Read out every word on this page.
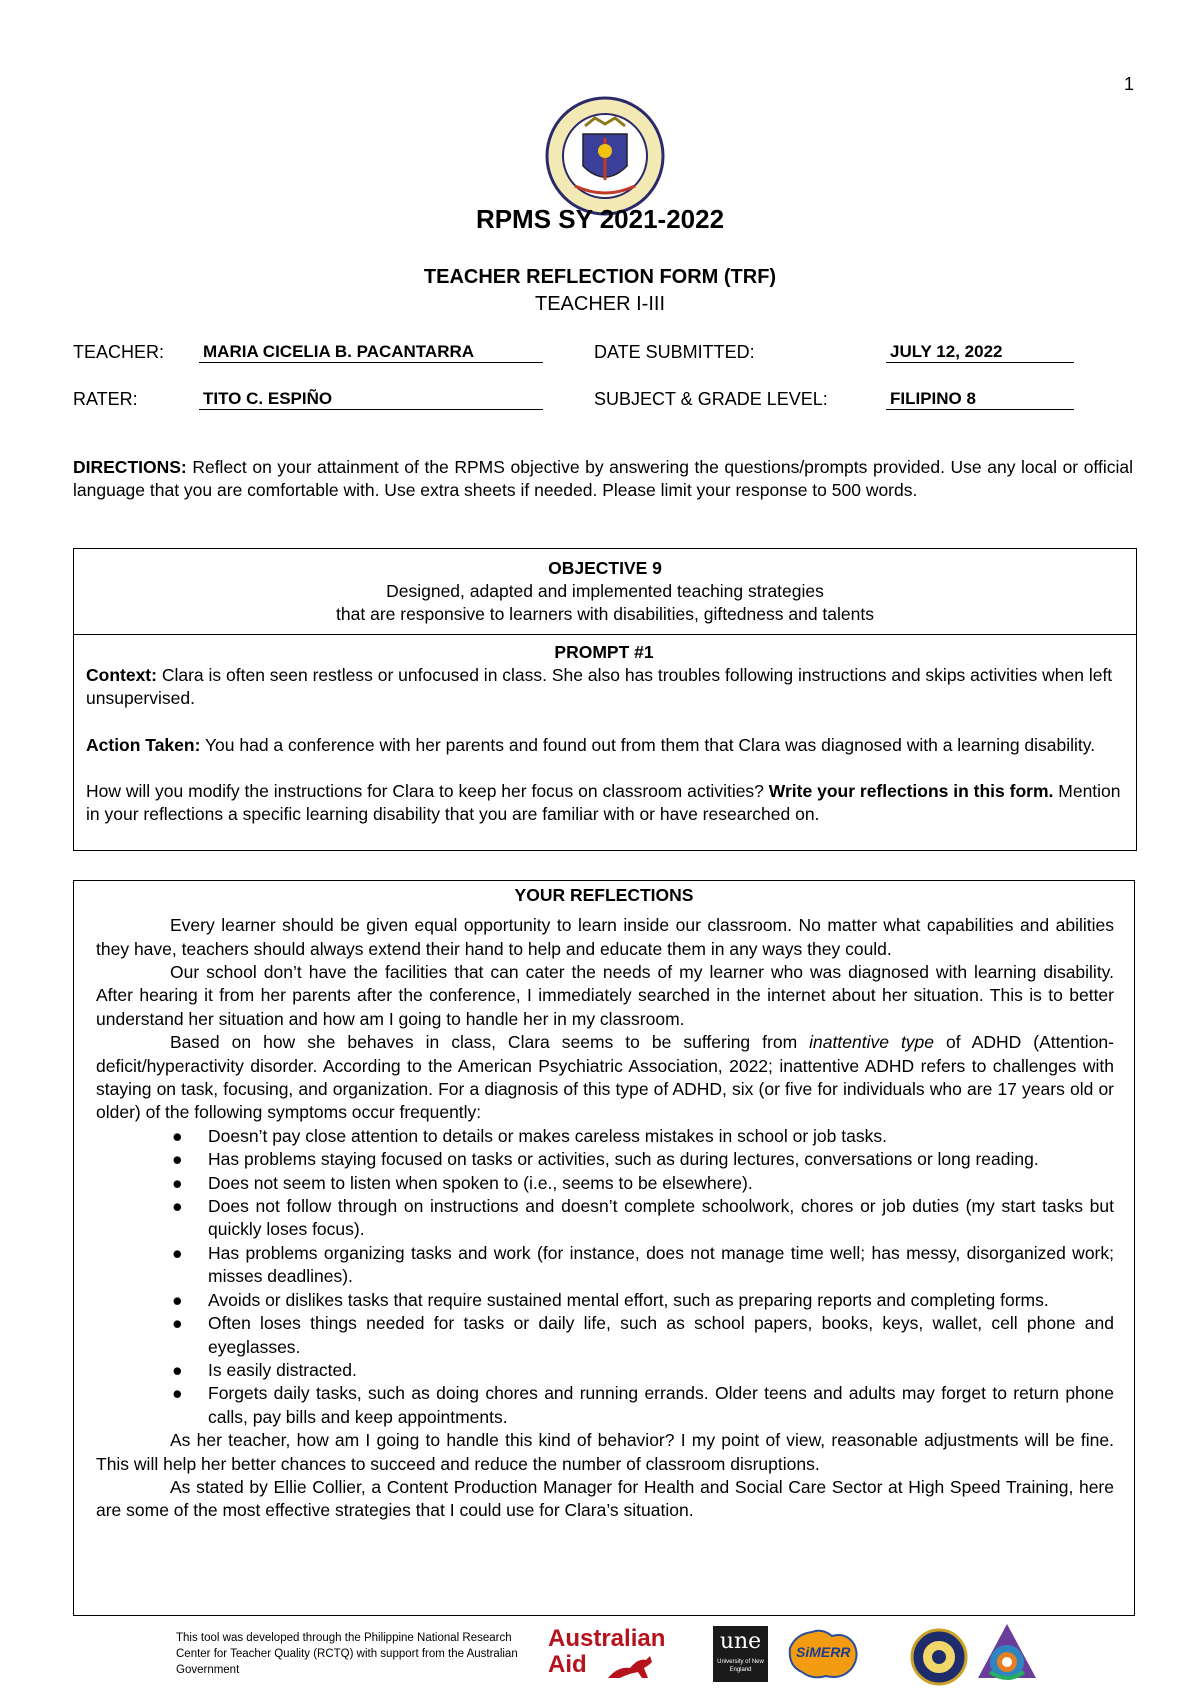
1
RPMS SY 2021-2022
TEACHER REFLECTION FORM (TRF)
TEACHER I-III
TEACHER: MARIA CICELIA B. PACANTARRA	DATE SUBMITTED:	JULY 12, 2022
RATER:	TITO C. ESPIÑO	SUBJECT & GRADE LEVEL:	FILIPINO 8
DIRECTIONS: Reflect on your attainment of the RPMS objective by answering the questions/prompts provided. Use any local or official language that you are comfortable with. Use extra sheets if needed. Please limit your response to 500 words.
OBJECTIVE 9
Designed, adapted and implemented teaching strategies
that are responsive to learners with disabilities, giftedness and talents
PROMPT #1
Context: Clara is often seen restless or unfocused in class. She also has troubles following instructions and skips activities when left unsupervised.
Action Taken: You had a conference with her parents and found out from them that Clara was diagnosed with a learning disability.
How will you modify the instructions for Clara to keep her focus on classroom activities? Write your reflections in this form. Mention in your reflections a specific learning disability that you are familiar with or have researched on.
YOUR REFLECTIONS

Every learner should be given equal opportunity to learn inside our classroom. No matter what capabilities and abilities they have, teachers should always extend their hand to help and educate them in any ways they could.

Our school don’t have the facilities that can cater the needs of my learner who was diagnosed with learning disability. After hearing it from her parents after the conference, I immediately searched in the internet about her situation. This is to better understand her situation and how am I going to handle her in my classroom.

Based on how she behaves in class, Clara seems to be suffering from inattentive type of ADHD (Attention-deficit/hyperactivity disorder. According to the American Psychiatric Association, 2022; inattentive ADHD refers to challenges with staying on task, focusing, and organization. For a diagnosis of this type of ADHD, six (or five for individuals who are 17 years old or older) of the following symptoms occur frequently:

● Doesn’t pay close attention to details or makes careless mistakes in school or job tasks.
● Has problems staying focused on tasks or activities, such as during lectures, conversations or long reading.
● Does not seem to listen when spoken to (i.e., seems to be elsewhere).
● Does not follow through on instructions and doesn’t complete schoolwork, chores or job duties (my start tasks but quickly loses focus).
● Has problems organizing tasks and work (for instance, does not manage time well; has messy, disorganized work; misses deadlines).
● Avoids or dislikes tasks that require sustained mental effort, such as preparing reports and completing forms.
● Often loses things needed for tasks or daily life, such as school papers, books, keys, wallet, cell phone and eyeglasses.
● Is easily distracted.
● Forgets daily tasks, such as doing chores and running errands. Older teens and adults may forget to return phone calls, pay bills and keep appointments.

As her teacher, how am I going to handle this kind of behavior? I my point of view, reasonable adjustments will be fine. This will help her better chances to succeed and reduce the number of classroom disruptions.

As stated by Ellie Collier, a Content Production Manager for Health and Social Care Sector at High Speed Training, here are some of the most effective strategies that I could use for Clara’s situation.

This tool was developed through the Philippine National Research Center for Teacher Quality (RCTQ) with support from the Australian Government
Australian
Aid
une
University of New England
SiMERR
